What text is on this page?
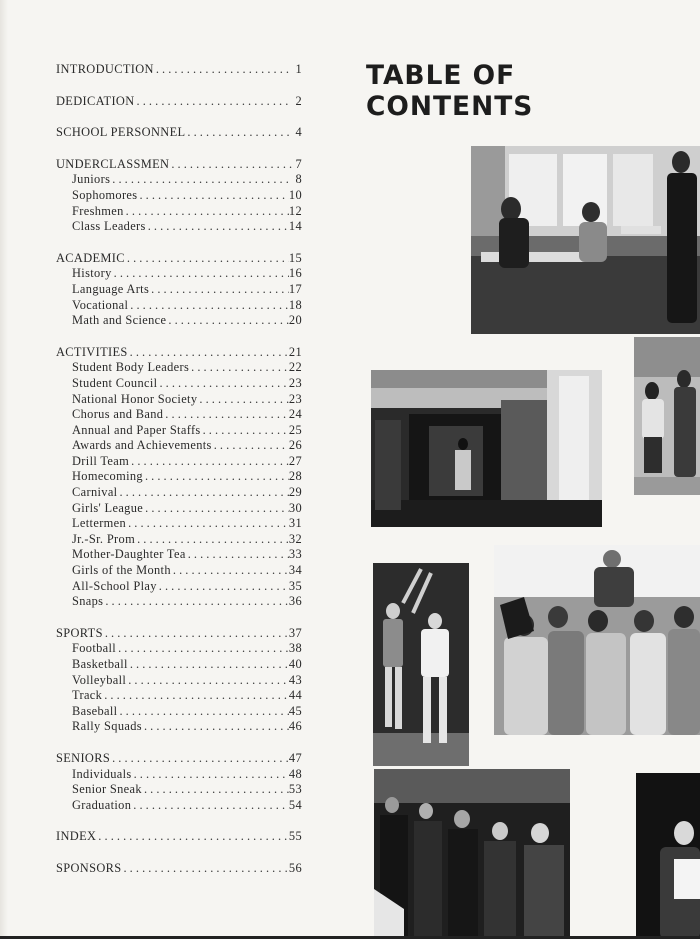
TABLE OF CONTENTS
INTRODUCTION . . .	1
DEDICATION . . .	2
SCHOOL PERSONNEL . . .	4
UNDERCLASSMEN . . .	7
Juniors . . .	8
Sophomores . . .	10
Freshmen . . .	12
Class Leaders . . .	14
ACADEMIC . . .	15
History . . .	16
Language Arts . . .	17
Vocational . . .	18
Math and Science . . .	20
ACTIVITIES . . .	21
Student Body Leaders . . .	22
Student Council . . .	23
National Honor Society . . .	23
Chorus and Band . . .	24
Annual and Paper Staffs . . .	25
Awards and Achievements . . .	26
Drill Team . . .	27
Homecoming . . .	28
Carnival . . .	29
Girls' League . . .	30
Lettermen . . .	31
Jr.-Sr. Prom . . .	32
Mother-Daughter Tea . . .	33
Girls of the Month . . .	34
All-School Play . . .	35
Snaps . . .	36
SPORTS . . .	37
Football . . .	38
Basketball . . .	40
Volleyball . . .	43
Track . . .	44
Baseball . . .	45
Rally Squads . . .	46
SENIORS . . .	47
Individuals . . .	48
Senior Sneak . . .	53
Graduation . . .	54
INDEX . . .	55
SPONSORS . . .	56
